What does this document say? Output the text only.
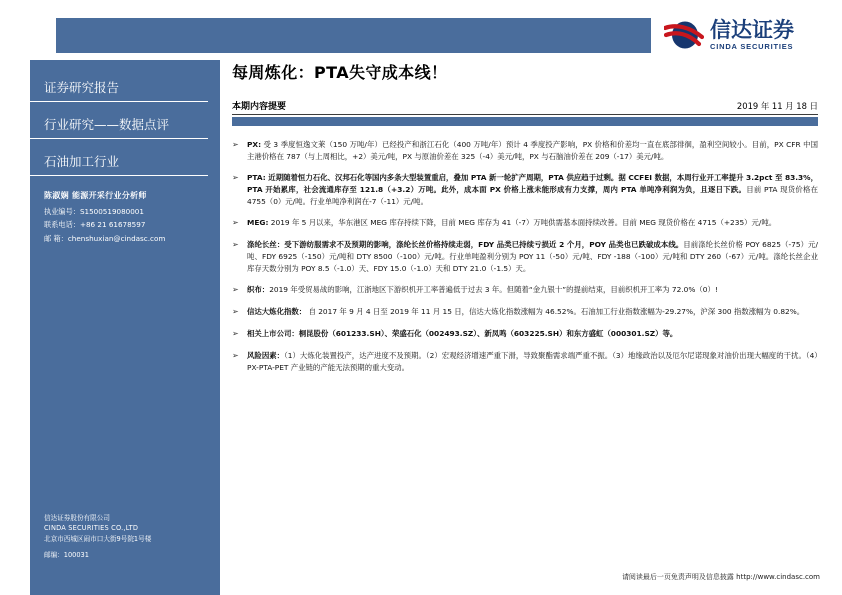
信达证券
CINDA SECURITIES
证券研究报告
行业研究——数据点评
石油加工行业
陈淑娴 能源开采行业分析师
执业编号：S1500519080001
联系电话：+86 21 61678597
邮 箱：chenshuxian@cindasc.com
信达证券股份有限公司
CINDA SECURITIES CO.,LTD
北京市西城区闹市口大街9号院1号楼
邮编：100031
每周炼化：PTA失守成本线！
本期内容提要	2019 年 11 月 18 日
➢	PX: 受 3 季度恒逸文莱（150 万吨/年）已经投产和浙江石化（400 万吨/年）预计 4 季度投产影响，PX 价格和价差均一直在底部徘徊，盈利空间较小。目前，PX CFR 中国主港价格在 787（与上周相比，+2）美元/吨，PX 与原油价差在 325（-4）美元/吨，PX 与石脑油价差在 209（-17）美元/吨。
➢	PTA: 近期随着恒力石化、汉邦石化等国内多条大型装置重启，叠加 PTA 新一轮扩产周期，PTA 供应趋于过剩。据 CCFEI 数据，本周行业开工率提升 3.2pct 至 83.3%，PTA 开始累库，社会流通库存至 121.8（+3.2）万吨。此外，成本面 PX 价格上涨未能形成有力支撑，周内 PTA 单吨净利润为负，且逐日下跌。目前 PTA 现货价格在 4755（0）元/吨。行业单吨净利润在-7（-11）元/吨。
➢	MEG: 2019 年 5 月以来，华东港区 MEG 库存持续下降，目前 MEG 库存为 41（-7）万吨供需基本面持续改善。目前 MEG 现货价格在 4715（+235）元/吨。
➢	涤纶长丝：受下游纺服需求不及预期的影响，涤纶长丝价格持续走弱，FDY 品类已持续亏损近 2 个月，POY 品类也已跌破成本线。目前涤纶长丝价格 POY 6825（-75）元/吨、FDY 6925（-150）元/吨和 DTY 8500（-100）元/吨。行业单吨盈利分别为 POY 11（-50）元/吨、FDY -188（-100）元/吨和 DTY 260（-67）元/吨。涤纶长丝企业库存天数分别为 POY 8.5（-1.0）天、FDY 15.0（-1.0）天和 DTY 21.0（-1.5）天。
➢	织布：2019 年受贸易战的影响，江浙地区下游织机开工率普遍低于过去 3 年。但随着“金九银十”的提前结束，目前织机开工率为 72.0%（0）!
➢	信达大炼化指数： 自 2017 年 9 月 4 日至 2019 年 11 月 15 日，信达大炼化指数涨幅为 46.52%。石油加工行业指数涨幅为-29.27%，沪深 300 指数涨幅为 0.82%。
➢	相关上市公司：桐昆股份（601233.SH）、荣盛石化（002493.SZ）、新凤鸣（603225.SH）和东方盛虹（000301.SZ）等。
➢	风险因素：（1）大炼化装置投产，达产进度不及预期。（2）宏观经济增速严重下滑，导致聚酯需求端严重不振。（3）地缘政治以及厄尔尼诺现象对油价出现大幅度的干扰。（4）PX-PTA-PET 产业链的产能无法预期的重大变动。
请阅读最后一页免责声明及信息披露 http://www.cindasc.com
